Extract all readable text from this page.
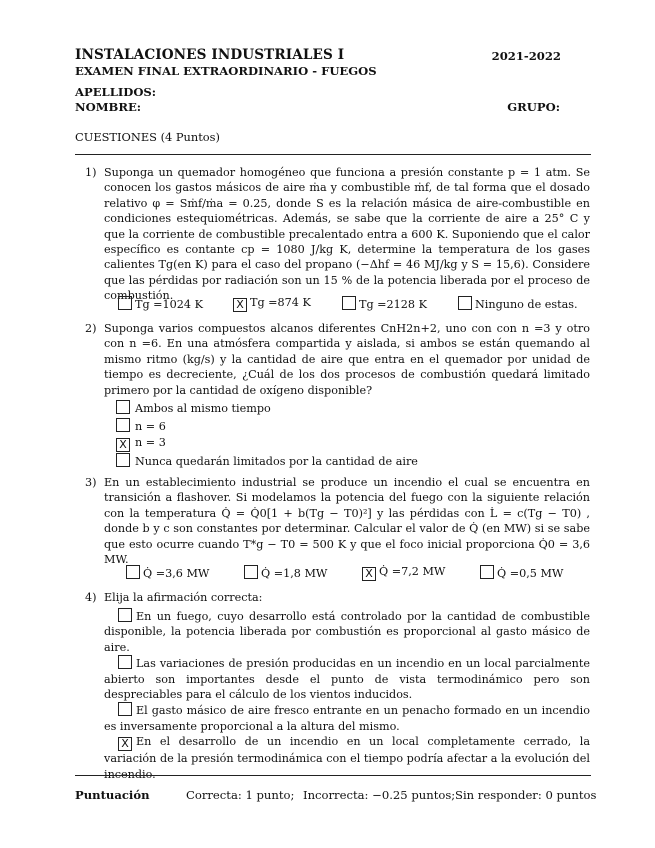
INSTALACIONES INDUSTRIALES I	2021-2022
EXAMEN FINAL EXTRAORDINARIO - FUEGOS
APELLIDOS:
NOMBRE:	GRUPO:
CUESTIONES (4 Puntos)
1) Suponga un quemador homogéneo que funciona a presión constante p = 1 atm. Se conocen los gastos másicos de aire ṁa y combustible ṁf, de tal forma que el dosado relativo φ = Sṁf/ṁa = 0.25, donde S es la relación másica de aire-combustible en condiciones estequiométricas. Además, se sabe que la corriente de aire a 25° C y que la corriente de combustible precalentado entra a 600 K. Suponiendo que el calor específico es contante cp = 1080 J/kg K, determine la temperatura de los gases calientes Tg(en K) para el caso del propano (−Δhf = 46 MJ/kg y S = 15,6). Considere que las pérdidas por radiación son un 15 % de la potencia liberada por el proceso de combustión.

Tg =1024 K	X Tg =874 K	Tg =2128 K	Ninguno de estas.
2) Suponga varios compuestos alcanos diferentes CnH2n+2, uno con con n =3 y otro con n =6. En una atmósfera compartida y aislada, si ambos se están quemando al mismo ritmo (kg/s) y la cantidad de aire que entra en el quemador por unidad de tiempo es decreciente, ¿Cuál de los dos procesos de combustión quedará limitado primero por la cantidad de oxígeno disponible?

Ambos al mismo tiempo
n = 6
X n = 3
Nunca quedarán limitados por la cantidad de aire
3) En un establecimiento industrial se produce un incendio el cual se encuentra en transición a flashover. Si modelamos la potencia del fuego con la siguiente relación con la temperatura Q̇ = Q̇0[1 + b(Tg − T0)²] y las pérdidas con L̇ = c(Tg − T0) , donde b y c son constantes por determinar. Calcular el valor de Q̇ (en MW) si se sabe que esto ocurre cuando T*g − T0 = 500 K y que el foco inicial proporciona Q̇0 = 3,6 MW.

Q̇ =3,6 MW	Q̇ =1,8 MW	X Q̇ =7,2 MW	Q̇ =0,5 MW
4) Elija la afirmación correcta:

En un fuego, cuyo desarrollo está controlado por la cantidad de combustible disponible, la potencia liberada por combustión es proporcional al gasto másico de aire.

Las variaciones de presión producidas en un incendio en un local parcialmente abierto son importantes desde el punto de vista termodinámico pero son despreciables para el cálculo de los vientos inducidos.

El gasto másico de aire fresco entrante en un penacho formado en un incendio es inversamente proporcional a la altura del mismo.

X En el desarrollo de un incendio en un local completamente cerrado, la variación de la presión termodinámica con el tiempo podría afectar a la evolución del

Puntuación	Correcta: 1 punto; Incorrecta: −0.25 puntos; Sin responder: 0 puntos
